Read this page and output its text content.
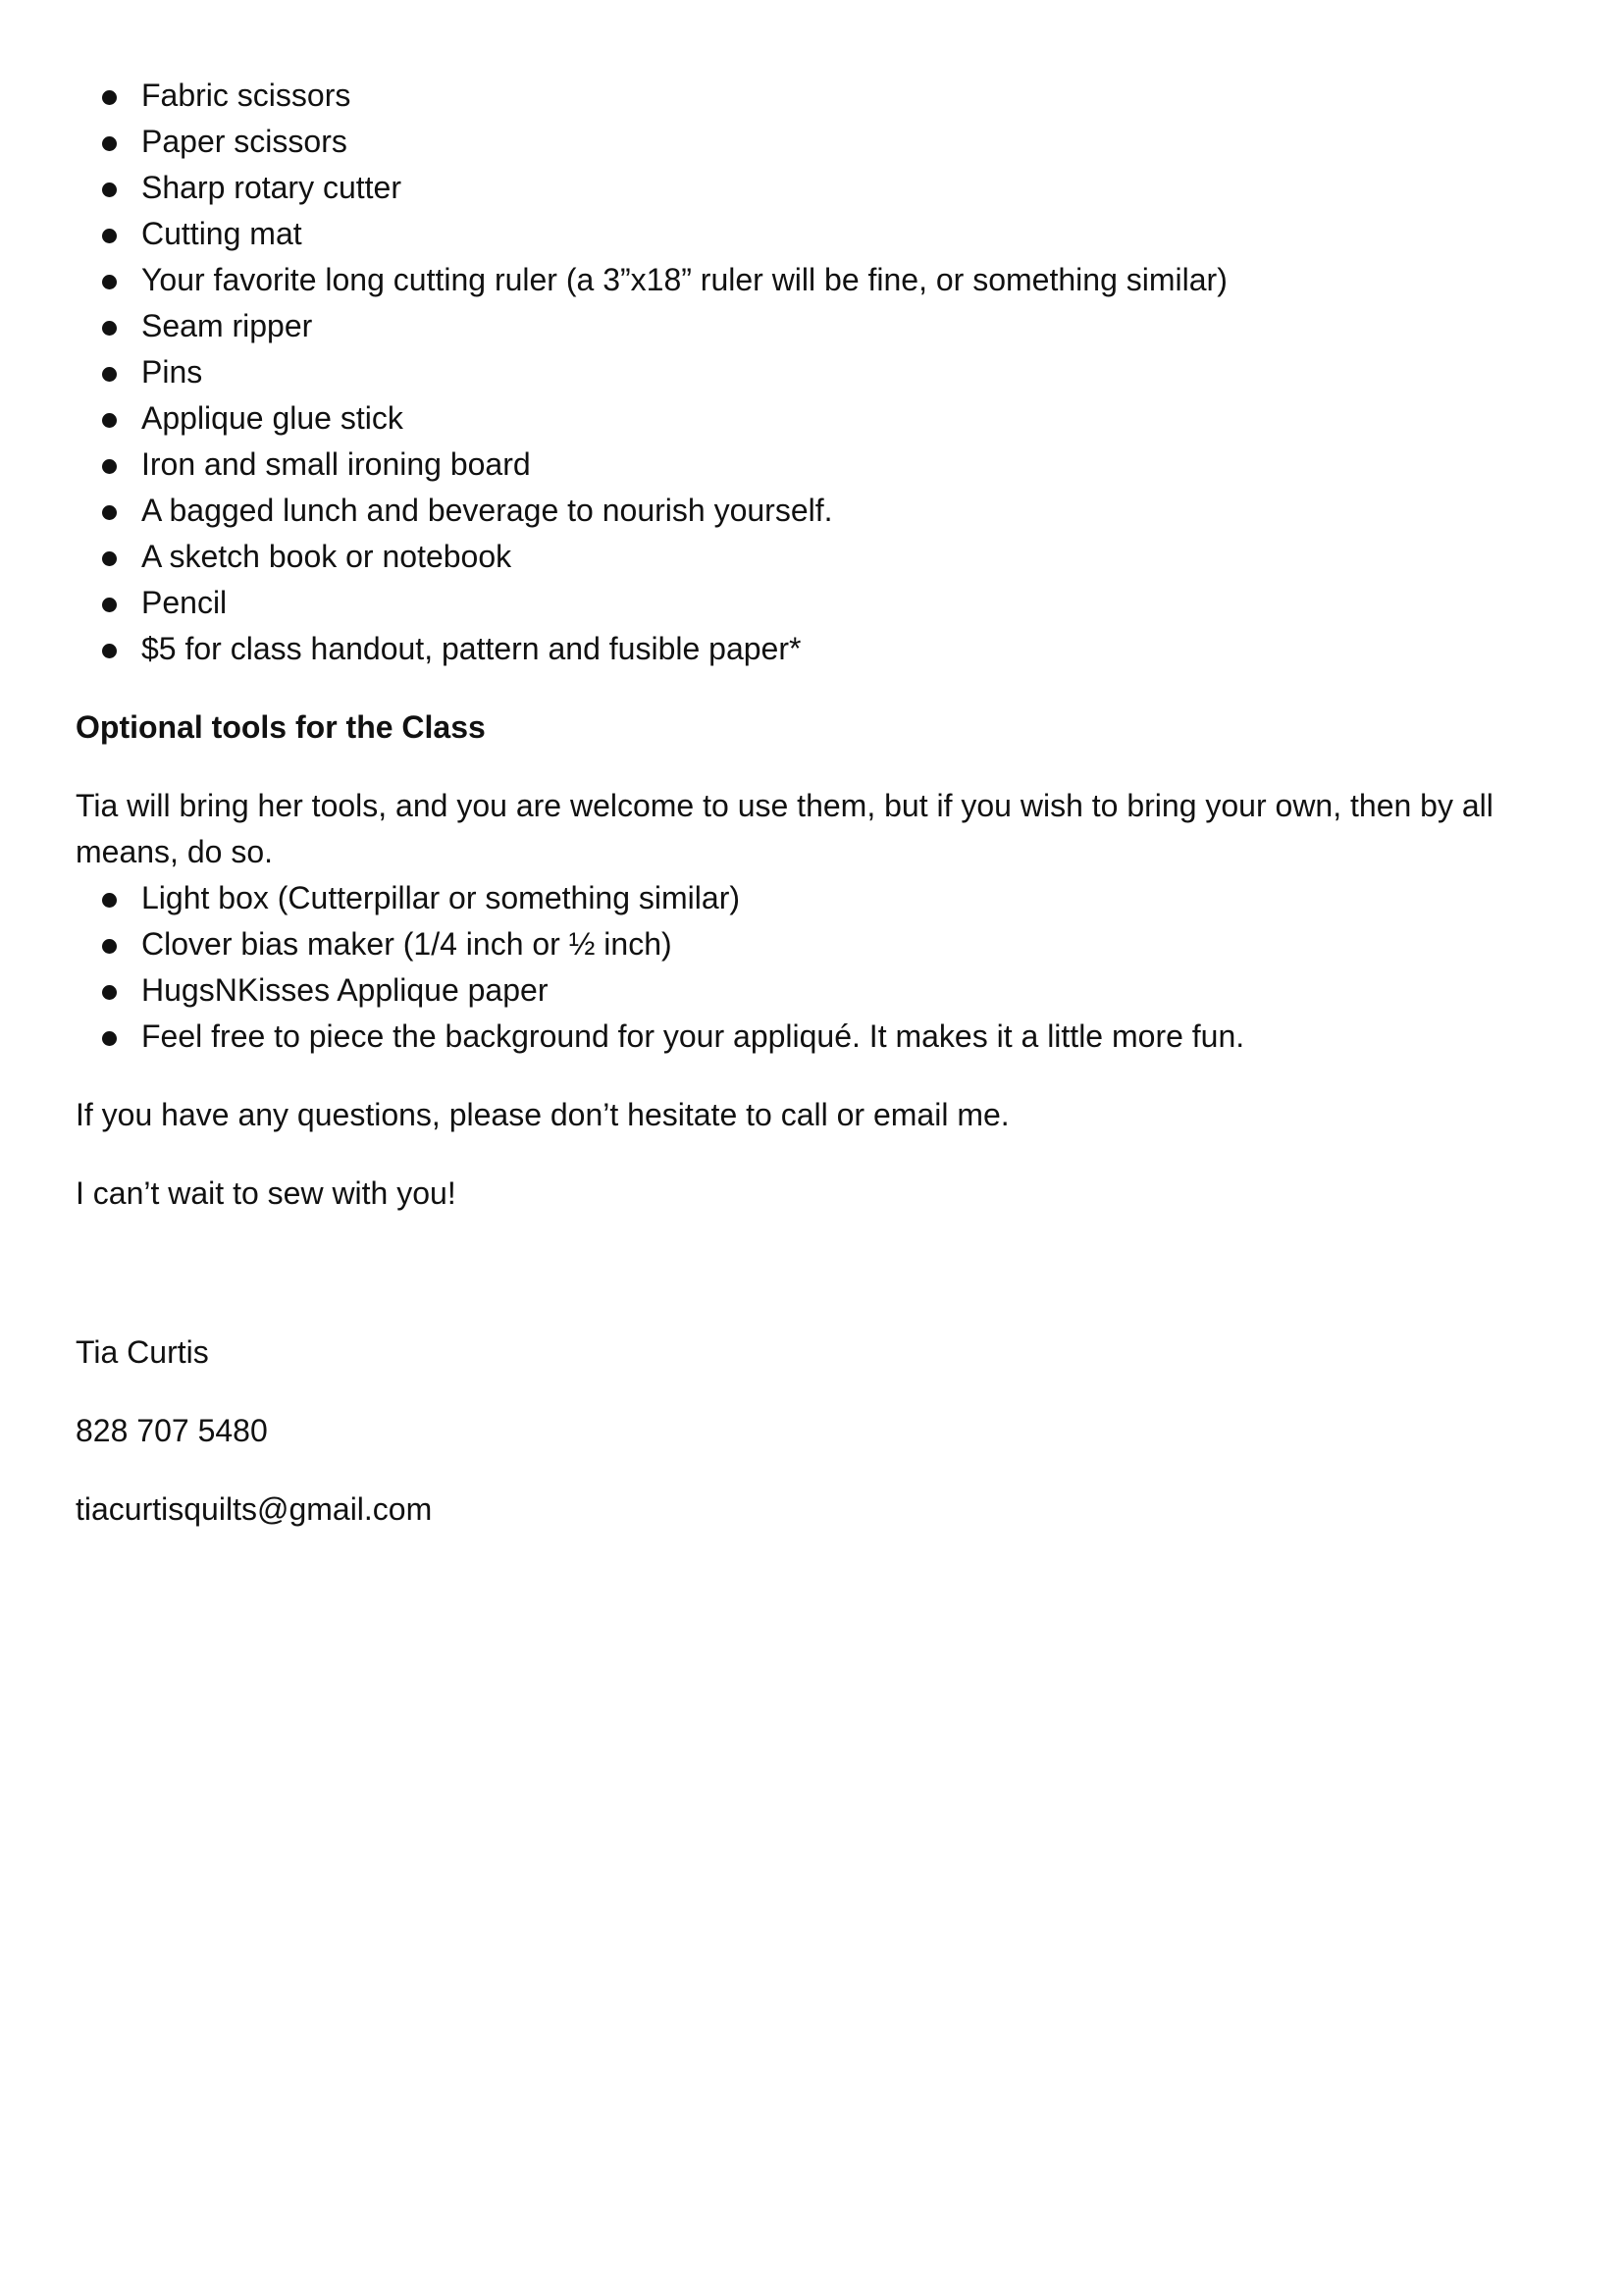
Fabric scissors
Paper scissors
Sharp rotary cutter
Cutting mat
Your favorite long cutting ruler (a 3”x18” ruler will be fine, or something similar)
Seam ripper
Pins
Applique glue stick
Iron and small ironing board
A bagged lunch and beverage to nourish yourself.
A sketch book or notebook
Pencil
$5 for class handout, pattern and fusible paper*

Optional tools for the Class

Tia will bring her tools, and you are welcome to use them, but if you wish to bring your own, then by all means, do so.

Light box (Cutterpillar or something similar)
Clover bias maker (1/4 inch or ½ inch)
HugsNKisses Applique paper
Feel free to piece the background for your appliqué. It makes it a little more fun.

If you have any questions, please don’t hesitate to call or email me.

I can’t wait to sew with you!

Tia Curtis

828 707 5480

tiacurtisquilts@gmail.com
